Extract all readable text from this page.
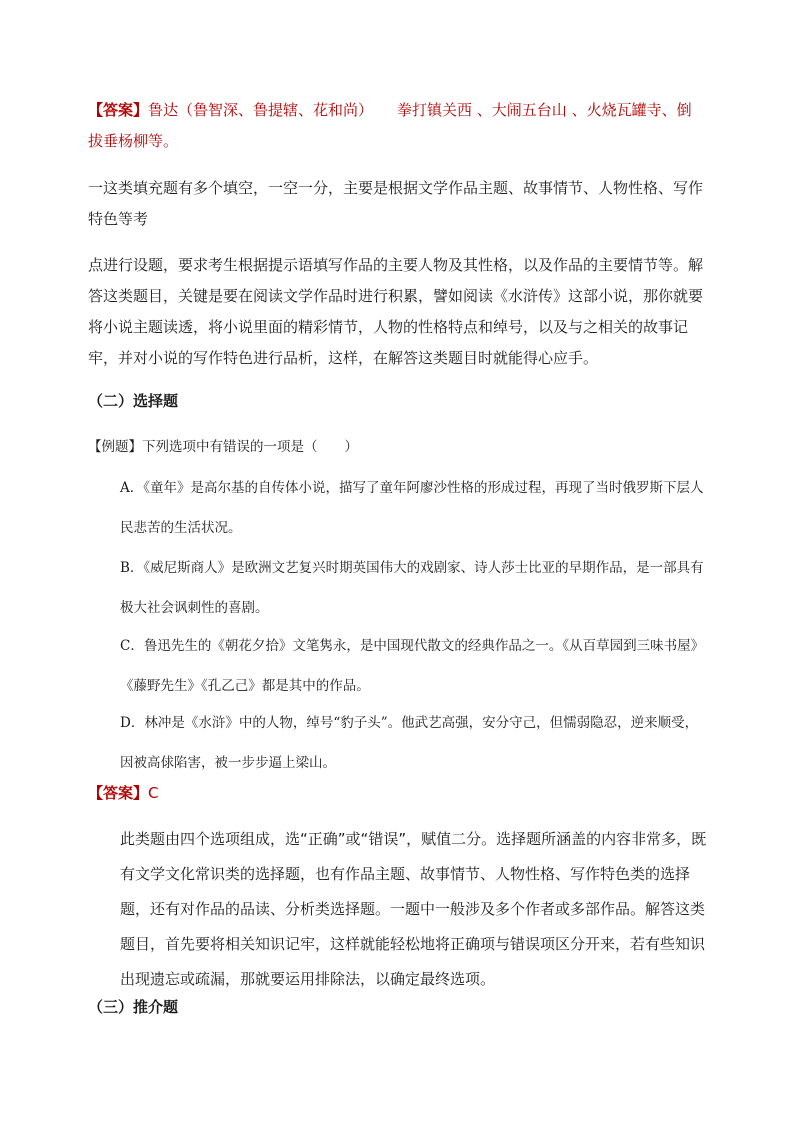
【答案】鲁达（鲁智深、鲁提辖、花和尚） 拳打镇关西 、大闹五台山 、火烧瓦罐寺、倒拔垂杨柳等。
一这类填充题有多个填空，一空一分，主要是根据文学作品主题、故事情节、人物性格、写作特色等考
点进行设题，要求考生根据提示语填写作品的主要人物及其性格，以及作品的主要情节等。解答这类题目，关键是要在阅读文学作品时进行积累，譬如阅读《水浒传》这部小说，那你就要将小说主题读透，将小说里面的精彩情节，人物的性格特点和绰号，以及与之相关的故事记牢，并对小说的写作特色进行品析，这样，在解答这类题目时就能得心应手。
（二）选择题
【例题】下列选项中有错误的一项是（　　）
A．《童年》是高尔基的自传体小说，描写了童年阿廖沙性格的形成过程，再现了当时俄罗斯下层人民悲苦的生活状况。
B．《威尼斯商人》是欧洲文艺复兴时期英国伟大的戏剧家、诗人莎士比亚的早期作品，是一部具有极大社会讽刺性的喜剧。
C．鲁迅先生的《朝花夕拾》文笔隽永，是中国现代散文的经典作品之一。《从百草园到三味书屋》《藤野先生》《孔乙己》都是其中的作品。
D．林冲是《水浒》中的人物，绰号“豹子头”。他武艺高强，安分守己，但懦弱隐忍，逆来顺受，因被高俅陷害，被一步步逼上梁山。
【答案】C
此类题由四个选项组成，选“正确”或“错误”，赋值二分。选择题所涵盖的内容非常多，既有文学文化常识类的选择题，也有作品主题、故事情节、人物性格、写作特色类的选择题，还有对作品的品读、分析类选择题。一题中一般涉及多个作者或多部作品。解答这类题目，首先要将相关知识记牢，这样就能轻松地将正确项与错误项区分开来，若有些知识出现遗忘或疏漏，那就要运用排除法，以确定最终选项。
（三）推介题
